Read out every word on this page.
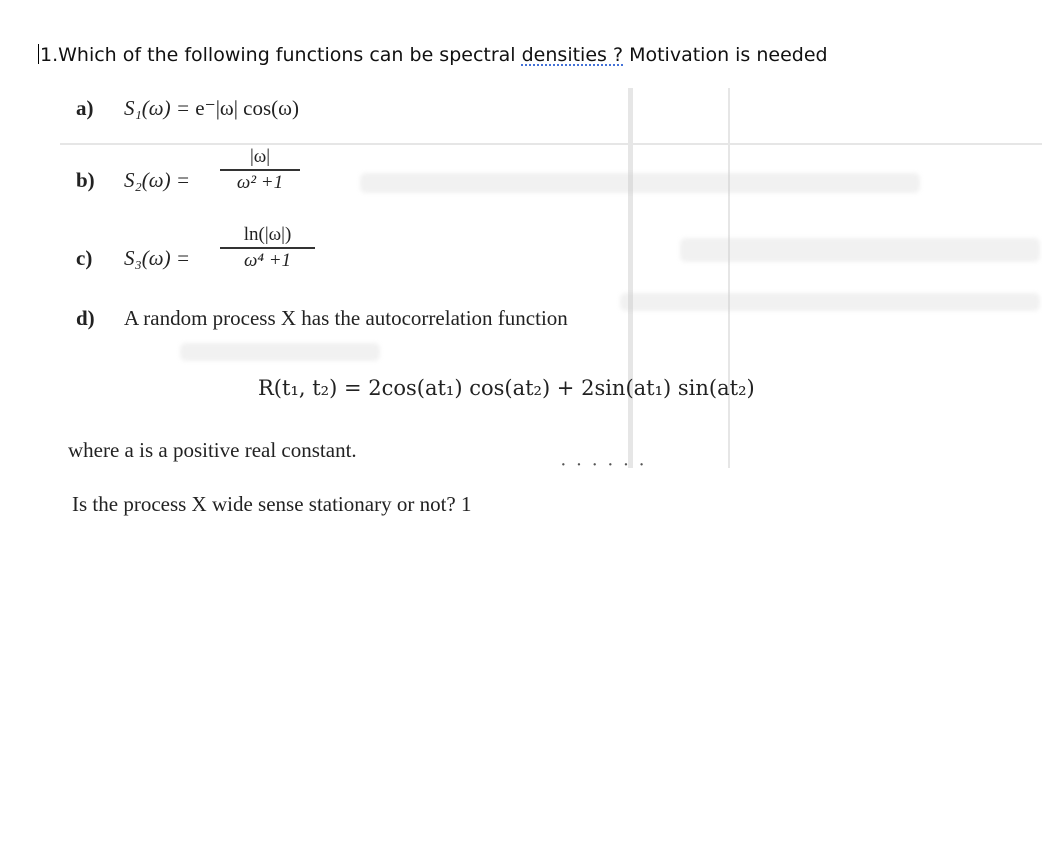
1.Which of the following functions can be spectral densities ? Motivation is needed
a) S₁(ω) = e⁻|ω| cos(ω)
b) S₂(ω) =
|ω|
ω² +1
c) S₃(ω) =
ln(|ω|)
ω⁴ +1
d) A random process X has the autocorrelation function
R(t₁, t₂) = 2cos(at₁) cos(at₂) + 2sin(at₁) sin(at₂)
where a is a positive real constant.
· · · · · ·
Is the process X wide sense stationary or not? 1
